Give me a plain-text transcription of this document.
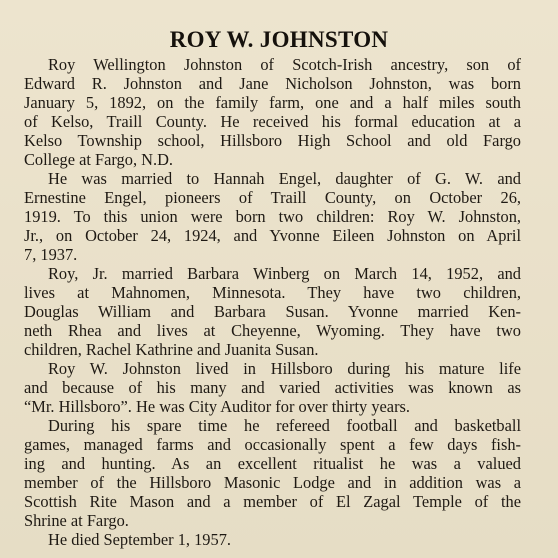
ROY W. JOHNSTON

Roy Wellington Johnston of Scotch-Irish ancestry, son of

Edward R. Johnston and Jane Nicholson Johnston, was born

January 5, 1892, on the family farm, one and a half miles south

of Kelso, Traill County. He received his formal education at a

Kelso Township school, Hillsboro High School and old Fargo

College at Fargo, N.D.

He was married to Hannah Engel, daughter of G. W. and

Ernestine Engel, pioneers of Traill County, on October 26,

1919. To this union were born two children: Roy W. Johnston,

Jr., on October 24, 1924, and Yvonne Eileen Johnston on April

7, 1937.

Roy, Jr. married Barbara Winberg on March 14, 1952, and

lives at Mahnomen, Minnesota. They have two children,

Douglas William and Barbara Susan. Yvonne married Ken-

neth Rhea and lives at Cheyenne, Wyoming. They have two

children, Rachel Kathrine and Juanita Susan.

Roy W. Johnston lived in Hillsboro during his mature life

and because of his many and varied activities was known as

“Mr. Hillsboro”. He was City Auditor for over thirty years.

During his spare time he refereed football and basketball

games, managed farms and occasionally spent a few days fish-

ing and hunting. As an excellent ritualist he was a valued

member of the Hillsboro Masonic Lodge and in addition was a

Scottish Rite Mason and a member of El Zagal Temple of the

Shrine at Fargo.

He died September 1, 1957.
